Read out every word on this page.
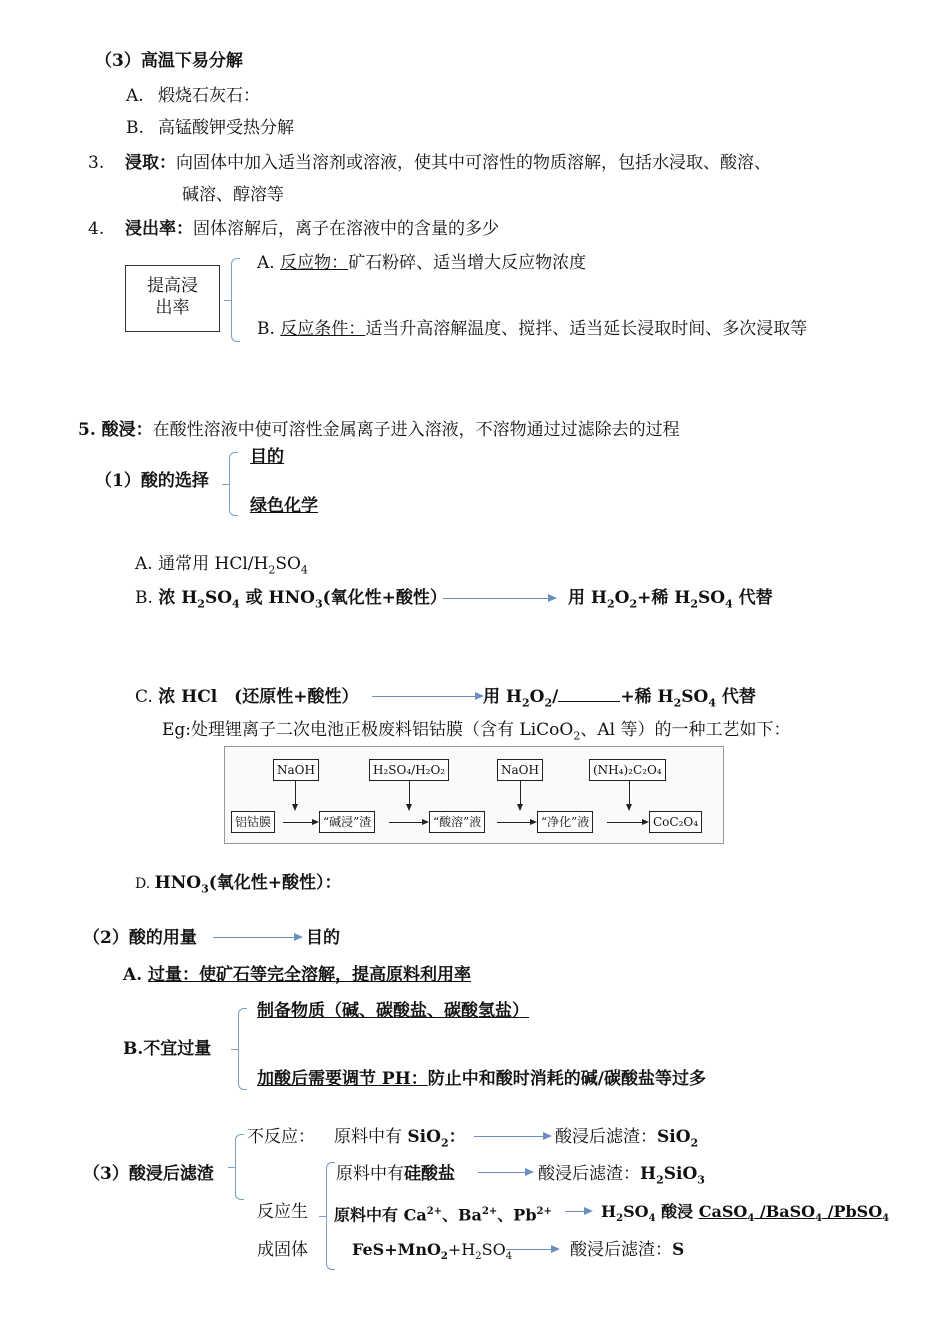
（3）高温下易分解
A. 煅烧石灰石：
B. 高锰酸钾受热分解
3. 浸取：向固体中加入适当溶剂或溶液，使其中可溶性的物质溶解，包括水浸取、酸溶、
碱溶、醇溶等
4. 浸出率：固体溶解后，离子在溶液中的含量的多少
提高浸
出率
A. 反应物：矿石粉碎、适当增大反应物浓度
B. 反应条件：适当升高溶解温度、搅拌、适当延长浸取时间、多次浸取等
5. 酸浸：在酸性溶液中使可溶性金属离子进入溶液，不溶物通过过滤除去的过程
（1）酸的选择
目的
绿色化学
A. 通常用 HCl/$H_2SO_4$
B. 浓 $H_2SO_4$ 或 $HNO_3$(氧化性+酸性）	用 $H_2O_2+$稀 $H_2SO_4$ 代替
C. 浓 HCl　(还原性+酸性）	用 $H_2O_2/$	+稀 $H_2SO_4$ 代替
Eg:处理锂离子二次电池正极废料铝钴膜（含有 LiCoO$_2$、Al 等）的一种工艺如下：
NaOH	H₂SO₄/H₂O₂	NaOH	(NH₄)₂C₂O₄
铝钴膜	“碱浸”渣	“酸溶”液	“净化”液	CoC₂O₄
D. $HNO_3$(氧化性+酸性）：
（2）酸的用量	目的
A. 过量：使矿石等完全溶解，提高原料利用率
B.不宜过量
制备物质（碱、碳酸盐、碳酸氢盐）
加酸后需要调节 PH：防止中和酸时消耗的碱/碳酸盐等过多
（3）酸浸后滤渣
不反应： 原料中有 SiO$_2$：	酸浸后滤渣：SiO$_2$
反应生
成固体
原料中有硅酸盐	酸浸后滤渣：$H_2SiO_3$
原料中有 $Ca^{2+}$、$Ba^{2+}$、$Pb^{2+}$	$H_2SO_4$ 酸浸 CaSO$_4$ /BaSO$_4$ /PbSO$_4$
$FeS+MnO_2+H_2SO_4$	酸浸后滤渣：S
